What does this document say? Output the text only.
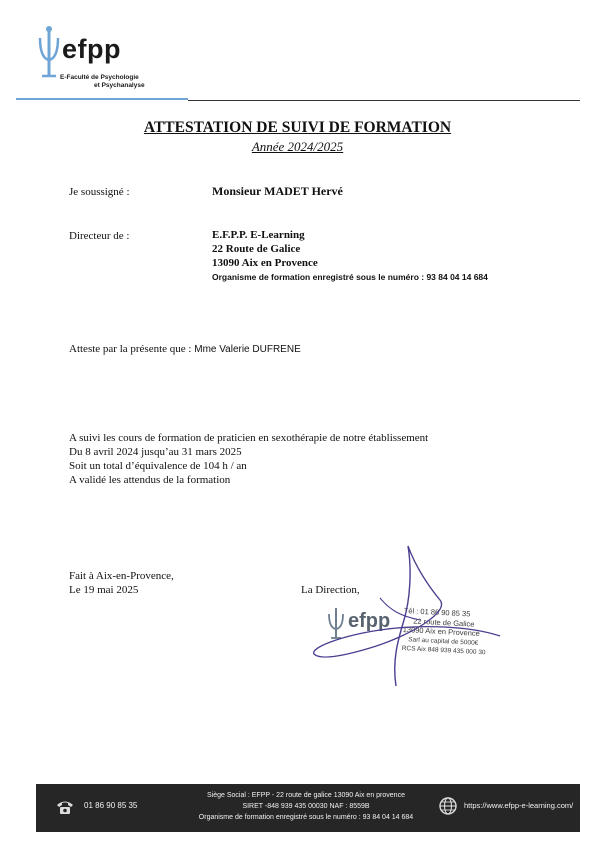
efpp
E-Faculté de Psychologie
et Psychanalyse
ATTESTATION DE SUIVI DE FORMATION
Année 2024/2025
Je soussigné :	Monsieur MADET Hervé
Directeur de :	E.F.P.P. E-Learning
22 Route de Galice
13090 Aix en Provence
Organisme de formation enregistré sous le numéro : 93 84 04 14 684
Atteste par la présente que : Mme Valerie DUFRENE
A suivi les cours de formation de praticien en sexothérapie de notre établissement
Du 8 avril 2024 jusqu’au 31 mars 2025
Soit un total d’équivalence de 104 h / an
A validé les attendus de la formation
Fait à Aix-en-Provence,
Le 19 mai 2025	La Direction,
efpp Tél : 01 86 90 85 35
22 route de Galice
13090 Aix en Provence
Sarl au capital de 5000€
RCS Aix 848 939 435 000 30
01 86 90 85 35
Siège Social : EFPP - 22 route de galice 13090 Aix en provence
SIRET -848 939 435 00030 NAF : 8559B
Organisme de formation enregistré sous le numéro : 93 84 04 14 684
https://www.efpp-e-learning.com/
